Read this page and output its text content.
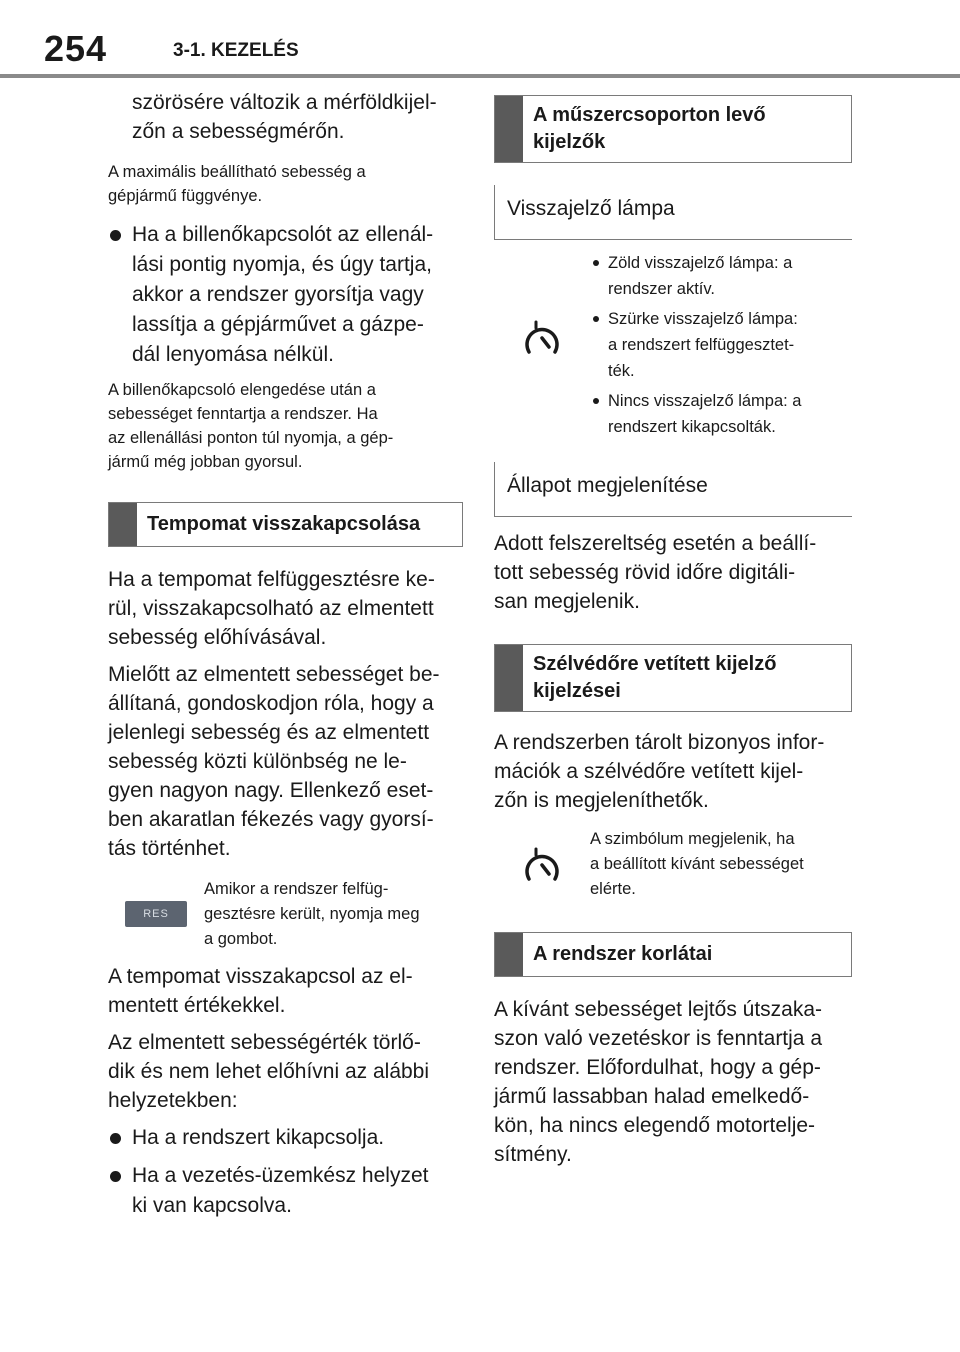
254	3-1. KEZELÉS
szörösére változik a mérföldkijel-
zőn a sebességmérőn.
A maximális beállítható sebesség a
gépjármű függvénye.
Ha a billenőkapcsolót az ellenál-
lási pontig nyomja, és úgy tartja,
akkor a rendszer gyorsítja vagy
lassítja a gépjárművet a gázpe-
dál lenyomása nélkül.
A billenőkapcsoló elengedése után a
sebességet fenntartja a rendszer. Ha
az ellenállási ponton túl nyomja, a gép-
jármű még jobban gyorsul.
Tempomat visszakapcsolása
Ha a tempomat felfüggesztésre ke-
rül, visszakapcsolható az elmentett
sebesség előhívásával.
Mielőtt az elmentett sebességet be-
állítaná, gondoskodjon róla, hogy a
jelenlegi sebesség és az elmentett
sebesség közti különbség ne le-
gyen nagyon nagy. Ellenkező eset-
ben akaratlan fékezés vagy gyorsí-
tás történhet.
RES
Amikor a rendszer felfüg-
gesztésre került, nyomja meg
a gombot.
A tempomat visszakapcsol az el-
mentett értékekkel.
Az elmentett sebességérték törlő-
dik és nem lehet előhívni az alábbi
helyzetekben:
Ha a rendszert kikapcsolja.
Ha a vezetés-üzemkész helyzet
ki van kapcsolva.
A műszercsoporton levő
kijelzők
Visszajelző lámpa
Zöld visszajelző lámpa: a
rendszer aktív.
Szürke visszajelző lámpa:
a rendszert felfüggesztet-
ték.
Nincs visszajelző lámpa: a
rendszert kikapcsolták.
Állapot megjelenítése
Adott felszereltség esetén a beállí-
tott sebesség rövid időre digitáli-
san megjelenik.
Szélvédőre vetített kijelző
kijelzései
A rendszerben tárolt bizonyos infor-
mációk a szélvédőre vetített kijel-
zőn is megjeleníthetők.
A szimbólum megjelenik, ha
a beállított kívánt sebességet
elérte.
A rendszer korlátai
A kívánt sebességet lejtős útszaka-
szon való vezetéskor is fenntartja a
rendszer. Előfordulhat, hogy a gép-
jármű lassabban halad emelkedő-
kön, ha nincs elegendő motortelje-
sítmény.
